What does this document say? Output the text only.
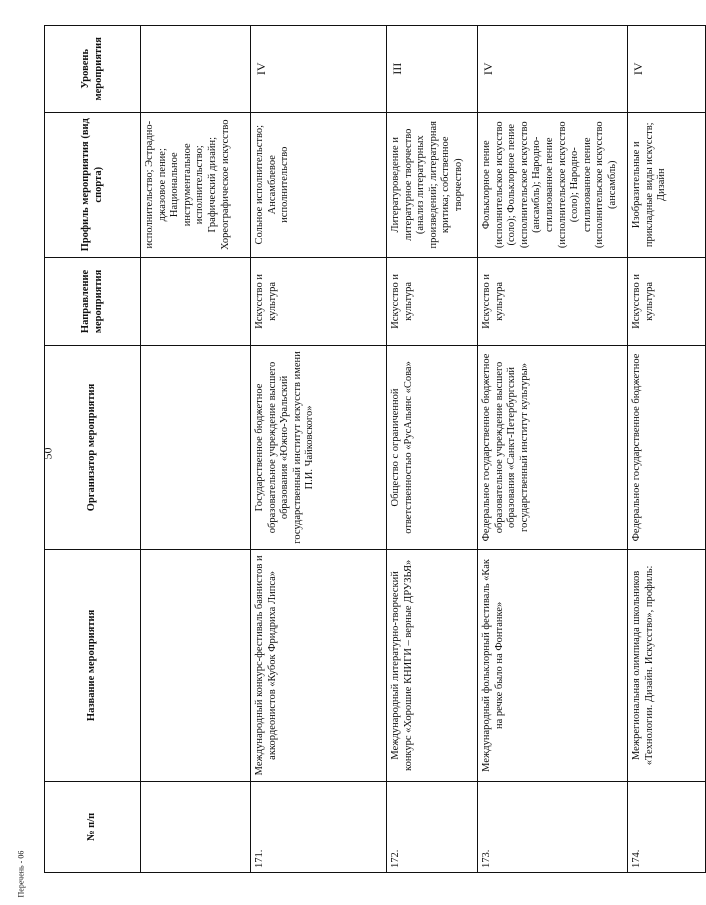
50
Перечень - 06
№ п/п	Название мероприятия	Организатор мероприятия	Направление мероприятия	Профиль мероприятия (вид спорта)	Уровень мероприятия
				исполнительство; Эстрадно-джазовое пение; Национальное инструментальное исполнительство; Графический дизайн; Хореографическое искусство	
171.	Международный конкурс-фестиваль баянистов и аккордеонистов «Кубок Фридриха Липса»	Государственное бюджетное образовательное учреждение высшего образования «Южно-Уральский государственный институт искусств имени П.И. Чайковского»	Искусство и культура	Сольное исполнительство; Ансамблевое исполнительство	IV
172.	Международный литературно-творческий конкурс «Хорошие КНИГИ – верные ДРУЗЬЯ»	Общество с ограниченной ответственностью «РусАльянс «Сова»	Искусство и культура	Литературоведение и литературное творчество (анализ литературных произведений; литературная критика; собственное творчество)	III
173.	Международный фольклорный фестиваль «Как на речке было на Фонтанке»	Федеральное государственное бюджетное образовательное учреждение высшего образования «Санкт-Петербургский государственный институт культуры»	Искусство и культура	Фольклорное пение (исполнительское искусство (соло); Фольклорное пение (исполнительское искусство (ансамбль); Народно-стилизованное пение (исполнительское искусство (соло); Народно-стилизованное пение (исполнительское искусство (ансамбль)	IV
174.	Межрегиональная олимпиада школьников «Технологии. Дизайн. Искусство», профиль:	Федеральное государственное бюджетное	Искусство и культура	Изобразительные и прикладные виды искусств; Дизайн	IV
